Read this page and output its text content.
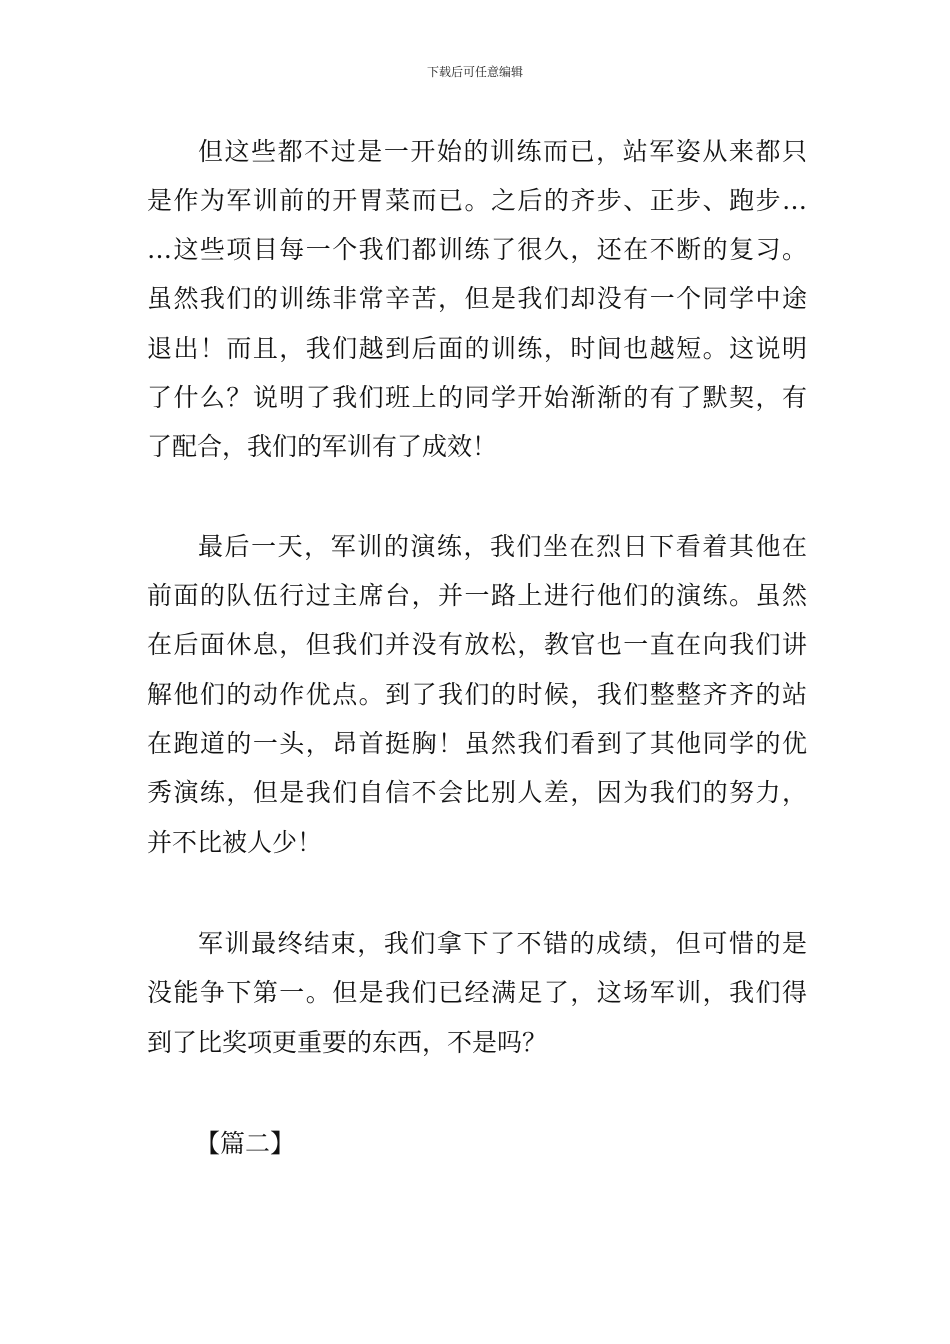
下载后可任意编辑
但这些都不过是一开始的训练而已，站军姿从来都只
是作为军训前的开胃菜而已。之后的齐步、正步、跑步…
…这些项目每一个我们都训练了很久，还在不断的复习。
虽然我们的训练非常辛苦，但是我们却没有一个同学中途
退出！而且，我们越到后面的训练，时间也越短。这说明
了什么？说明了我们班上的同学开始渐渐的有了默契，有
了配合，我们的军训有了成效！
最后一天，军训的演练，我们坐在烈日下看着其他在
前面的队伍行过主席台，并一路上进行他们的演练。虽然
在后面休息，但我们并没有放松，教官也一直在向我们讲
解他们的动作优点。到了我们的时候，我们整整齐齐的站
在跑道的一头，昂首挺胸！虽然我们看到了其他同学的优
秀演练，但是我们自信不会比别人差，因为我们的努力，
并不比被人少！
军训最终结束，我们拿下了不错的成绩，但可惜的是
没能争下第一。但是我们已经满足了，这场军训，我们得
到了比奖项更重要的东西，不是吗？
【篇二】
